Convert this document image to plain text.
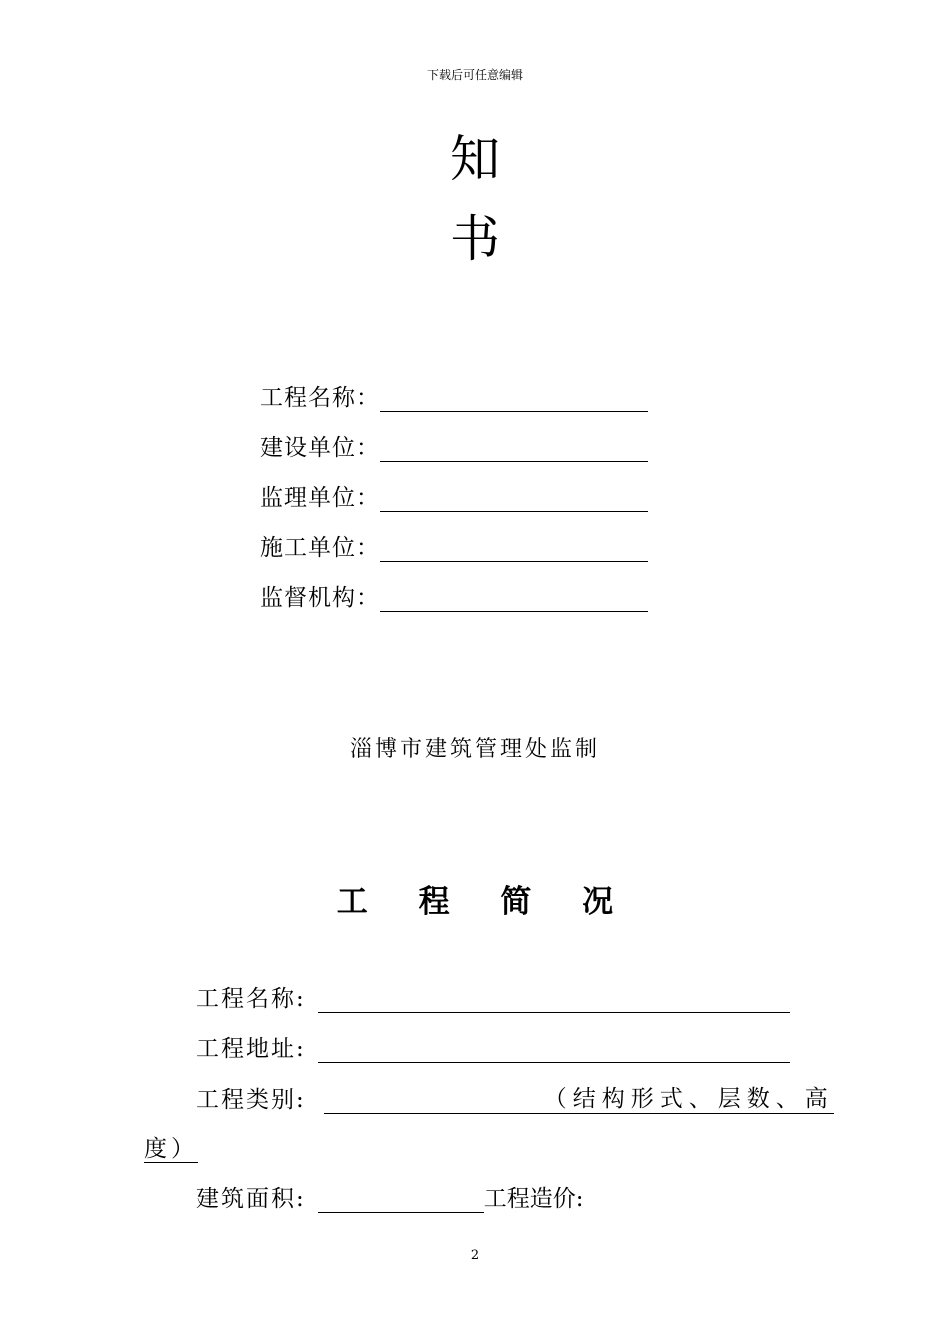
下载后可任意编辑
知
书
工程名称：
建设单位：
监理单位：
施工单位：
监督机构：
淄博市建筑管理处监制
工 程 简 况
工程名称:
工程地址:
工程类别:	（结构形式、层数、高
度）
建筑面积:	工程造价:
2
